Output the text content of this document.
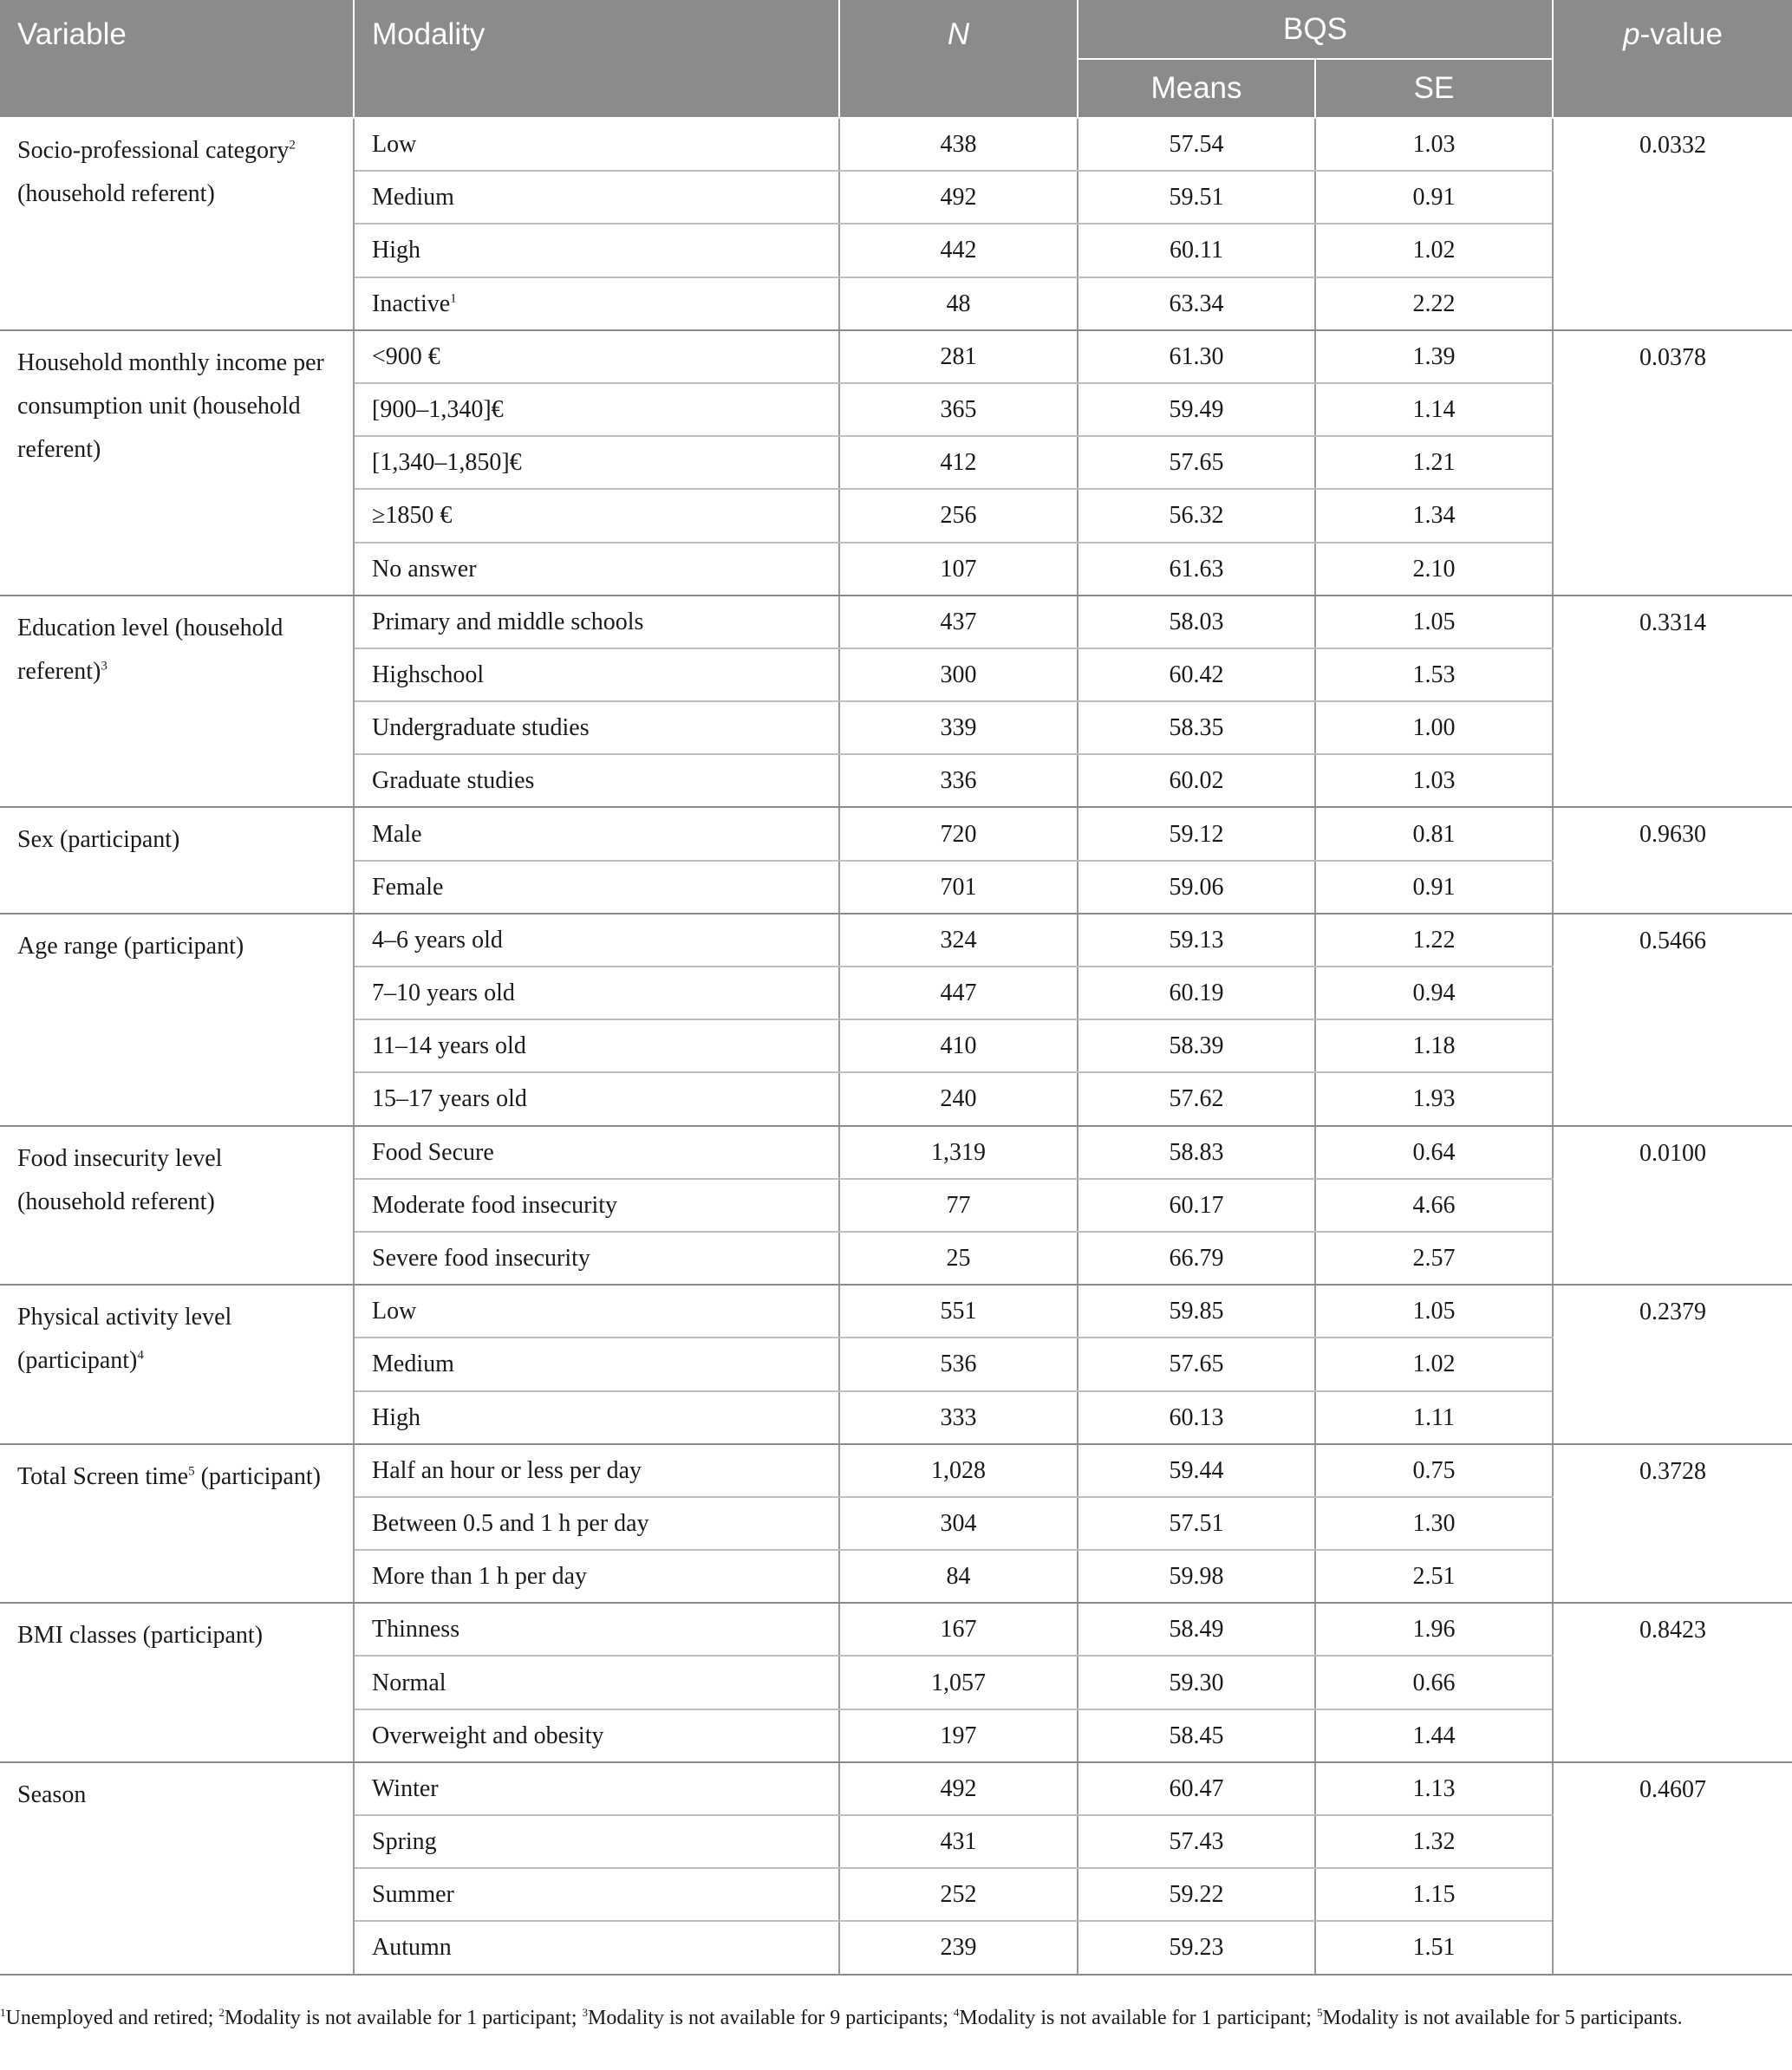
Variable	Modality	N	BQS		p-value
			Means	SE	
Socio-professional category$^2$ (household referent)	Low	438	57.54	1.03	0.0332
	Medium	492	59.51	0.91	
	High	442	60.11	1.02	
	Inactive$^1$	48	63.34	2.22	
Household monthly income per consumption unit (household referent)	<900 €	281	61.30	1.39	0.0378
	[900–1,340]€	365	59.49	1.14	
	[1,340–1,850]€	412	57.65	1.21	
	≥1850 €	256	56.32	1.34	
	No answer	107	61.63	2.10	
Education level (household referent)$^3$	Primary and middle schools	437	58.03	1.05	0.3314
	Highschool	300	60.42	1.53	
	Undergraduate studies	339	58.35	1.00	
	Graduate studies	336	60.02	1.03	
Sex (participant)	Male	720	59.12	0.81	0.9630
	Female	701	59.06	0.91	
Age range (participant)	4–6 years old	324	59.13	1.22	0.5466
	7–10 years old	447	60.19	0.94	
	11–14 years old	410	58.39	1.18	
	15–17 years old	240	57.62	1.93	
Food insecurity level (household referent)	Food Secure	1,319	58.83	0.64	0.0100
	Moderate food insecurity	77	60.17	4.66	
	Severe food insecurity	25	66.79	2.57	
Physical activity level (participant)$^4$	Low	551	59.85	1.05	0.2379
	Medium	536	57.65	1.02	
	High	333	60.13	1.11	
Total Screen time$^5$ (participant)	Half an hour or less per day	1,028	59.44	0.75	0.3728
	Between 0.5 and 1 h per day	304	57.51	1.30	
	More than 1 h per day	84	59.98	2.51	
BMI classes (participant)	Thinness	167	58.49	1.96	0.8423
	Normal	1,057	59.30	0.66	
	Overweight and obesity	197	58.45	1.44	
Season	Winter	492	60.47	1.13	0.4607
	Spring	431	57.43	1.32	
	Summer	252	59.22	1.15	
	Autumn	239	59.23	1.51	
$^1$Unemployed and retired; $^2$Modality is not available for 1 participant; $^3$Modality is not available for 9 participants; $^4$Modality is not available for 1 participant; $^5$Modality is not available for 5 participants.
